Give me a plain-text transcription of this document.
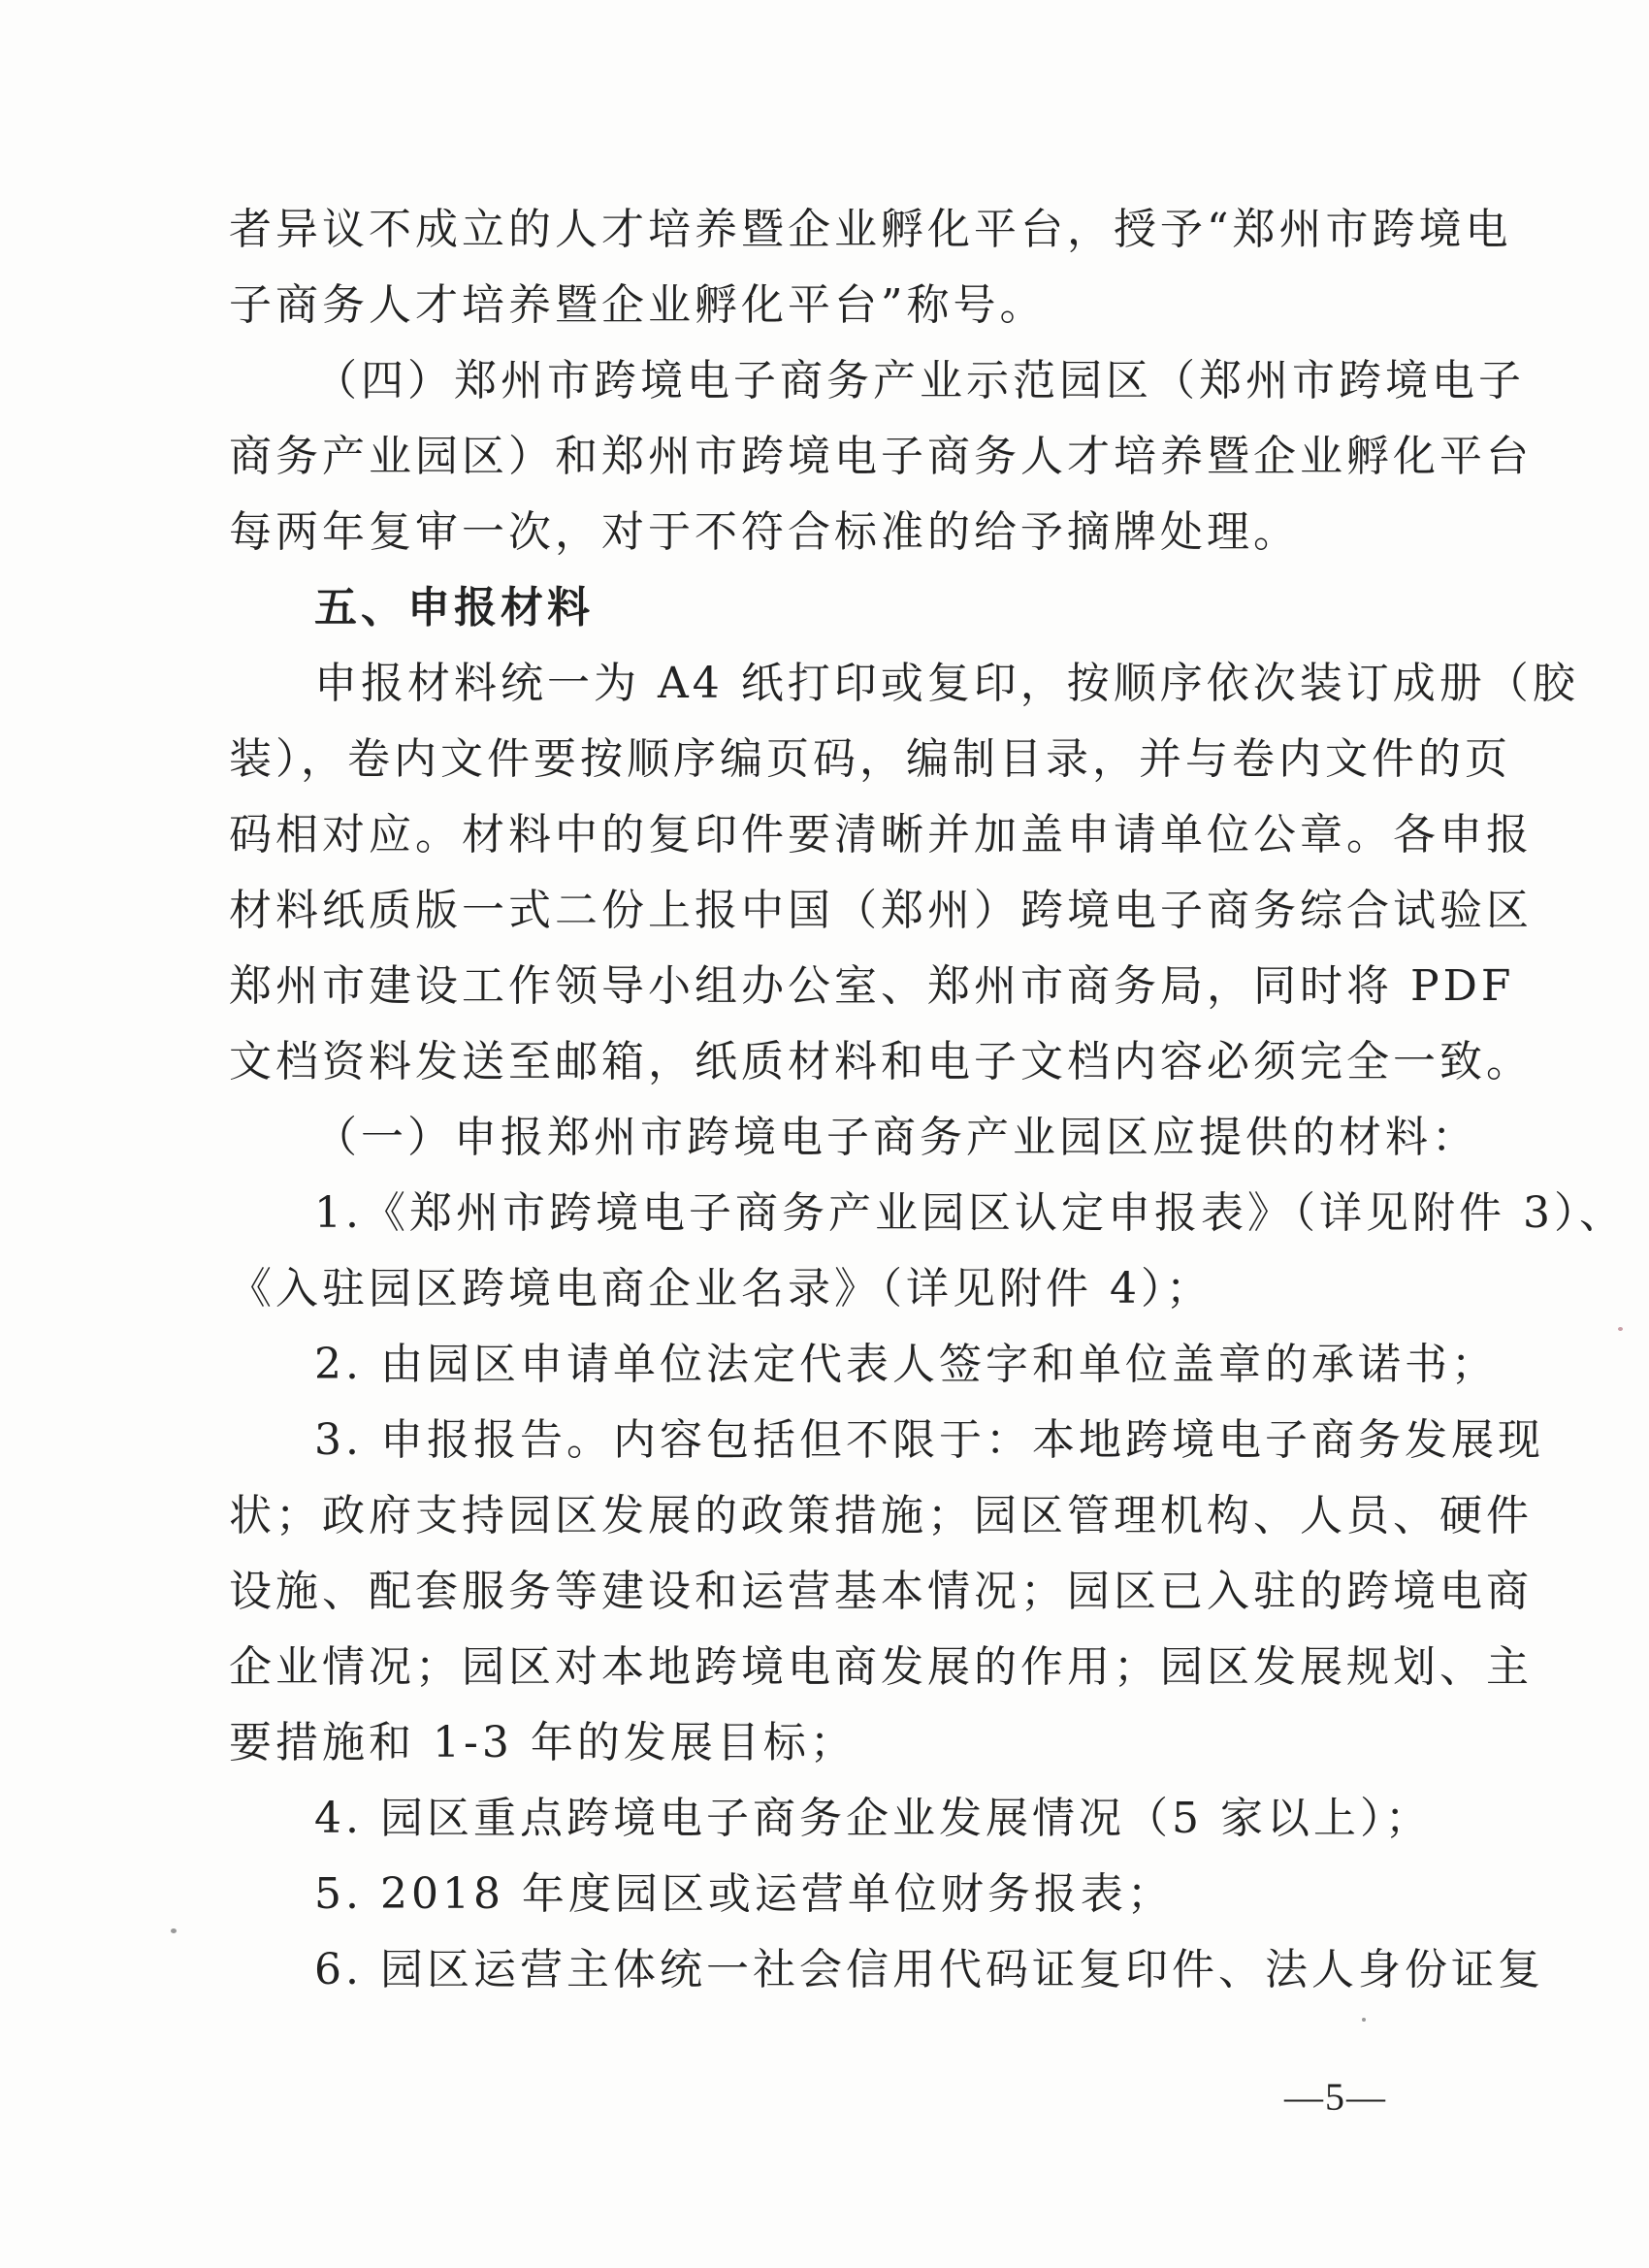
者异议不成立的人才培养暨企业孵化平台，授予“郑州市跨境电
子商务人才培养暨企业孵化平台”称号。
（四）郑州市跨境电子商务产业示范园区（郑州市跨境电子
商务产业园区）和郑州市跨境电子商务人才培养暨企业孵化平台
每两年复审一次，对于不符合标准的给予摘牌处理。
五、申报材料
申报材料统一为 A4 纸打印或复印，按顺序依次装订成册（胶
装），卷内文件要按顺序编页码，编制目录，并与卷内文件的页
码相对应。材料中的复印件要清晰并加盖申请单位公章。各申报
材料纸质版一式二份上报中国（郑州）跨境电子商务综合试验区
郑州市建设工作领导小组办公室、郑州市商务局，同时将 PDF
文档资料发送至邮箱，纸质材料和电子文档内容必须完全一致。
（一）申报郑州市跨境电子商务产业园区应提供的材料：
1.《郑州市跨境电子商务产业园区认定申报表》（详见附件 3）、
《入驻园区跨境电商企业名录》（详见附件 4）；
2. 由园区申请单位法定代表人签字和单位盖章的承诺书；
3. 申报报告。内容包括但不限于：本地跨境电子商务发展现
状；政府支持园区发展的政策措施；园区管理机构、人员、硬件
设施、配套服务等建设和运营基本情况；园区已入驻的跨境电商
企业情况；园区对本地跨境电商发展的作用；园区发展规划、主
要措施和 1-3 年的发展目标；
4. 园区重点跨境电子商务企业发展情况（5 家以上）；
5. 2018 年度园区或运营单位财务报表；
6. 园区运营主体统一社会信用代码证复印件、法人身份证复
—5—
